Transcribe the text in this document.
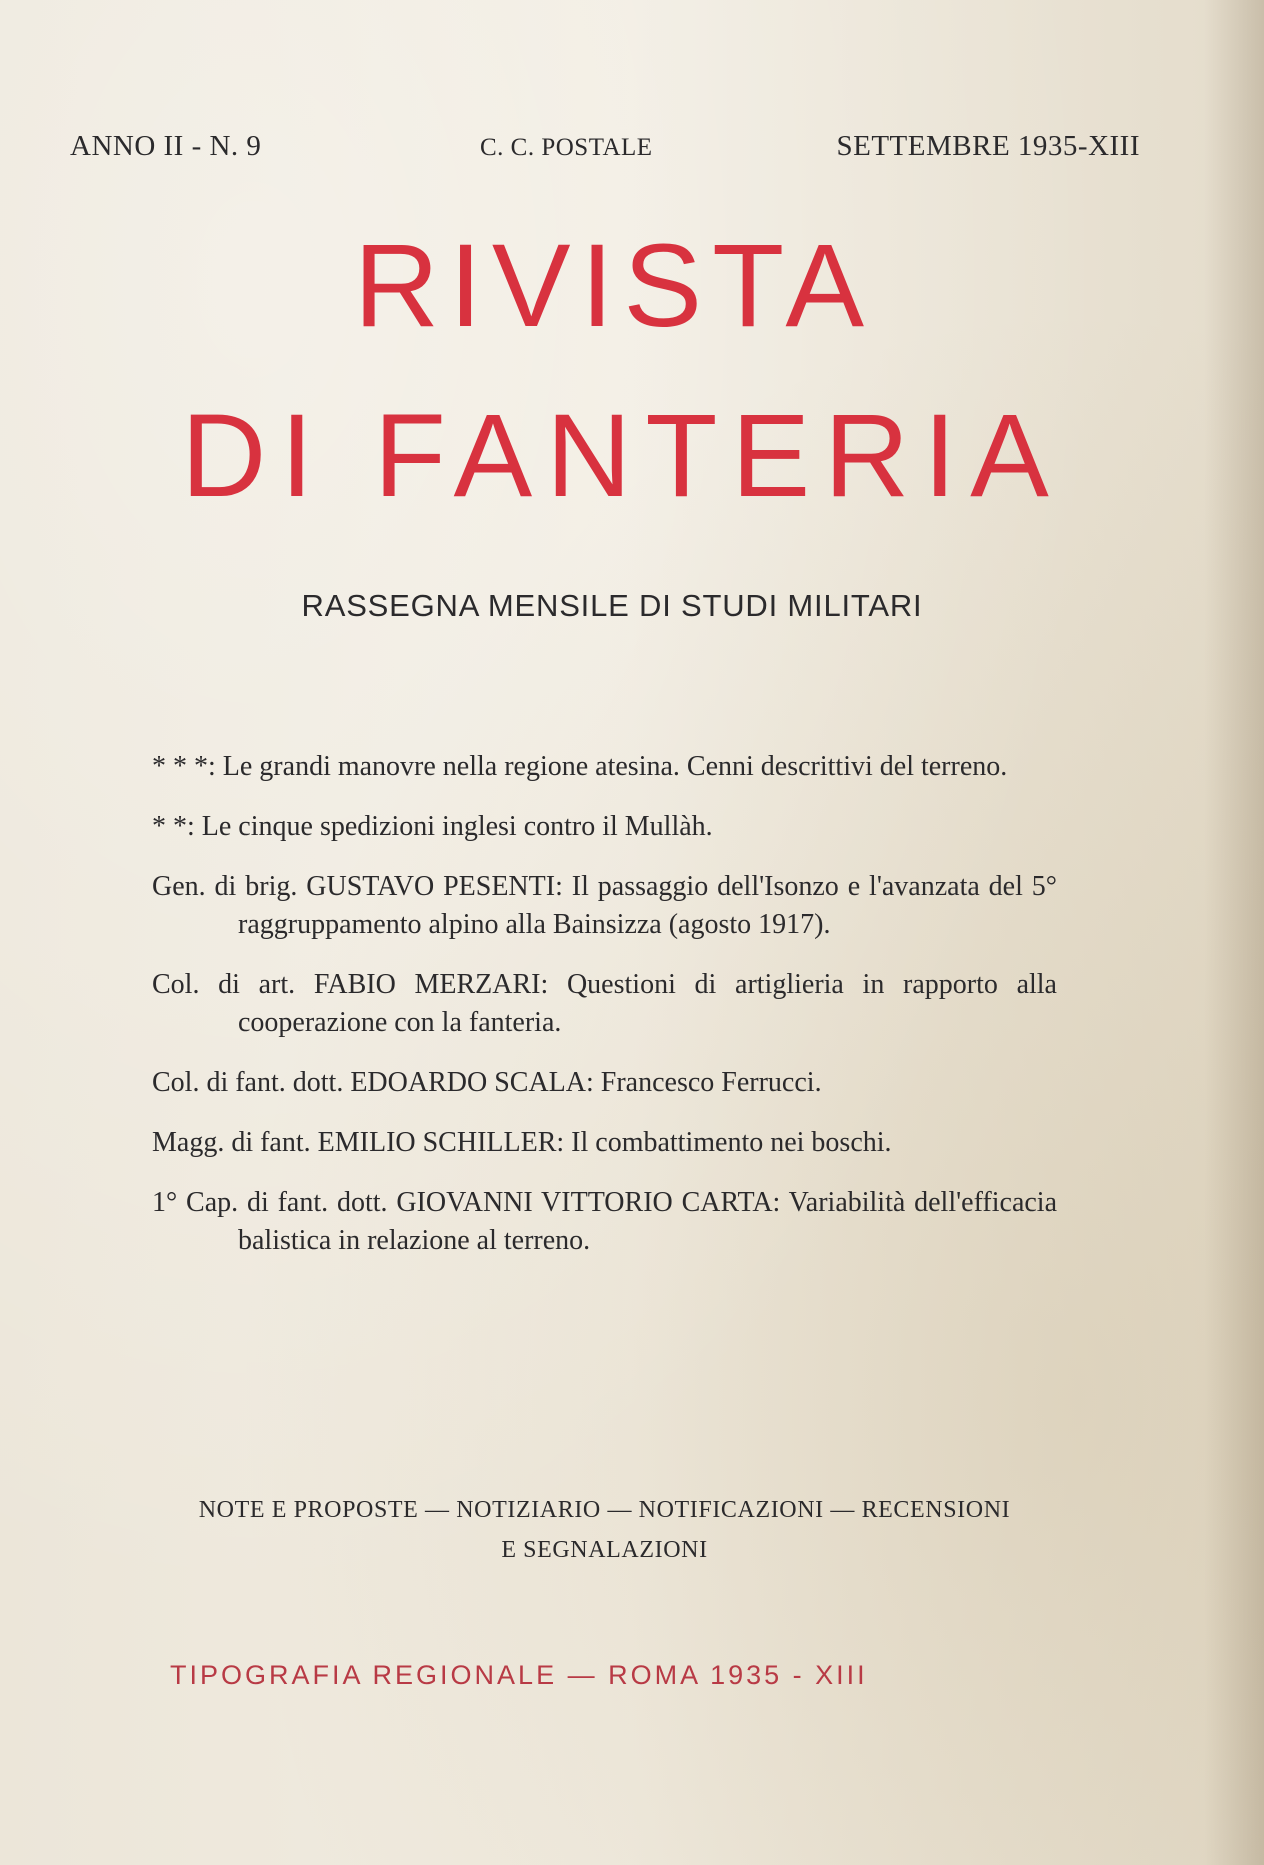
ANNO II - N. 9	C. C. POSTALE	SETTEMBRE 1935-XIII
RIVISTA
DI FANTERIA
RASSEGNA MENSILE DI STUDI MILITARI

* * *: Le grandi manovre nella regione atesina. Cenni descrittivi del terreno.

* *: Le cinque spedizioni inglesi contro il Mullàh.

Gen. di brig. GUSTAVO PESENTI: Il passaggio dell'Isonzo e l'avanzata del 5° raggruppamento alpino alla Bainsizza (agosto 1917).

Col. di art. FABIO MERZARI: Questioni di artiglieria in rapporto alla cooperazione con la fanteria.

Col. di fant. dott. EDOARDO SCALA: Francesco Ferrucci.

Magg. di fant. EMILIO SCHILLER: Il combattimento nei boschi.

1° Cap. di fant. dott. GIOVANNI VITTORIO CARTA: Variabilità dell'efficacia balistica in relazione al terreno.

NOTE E PROPOSTE — NOTIZIARIO — NOTIFICAZIONI — RECENSIONI
E SEGNALAZIONI
TIPOGRAFIA REGIONALE — ROMA 1935 - XIII
